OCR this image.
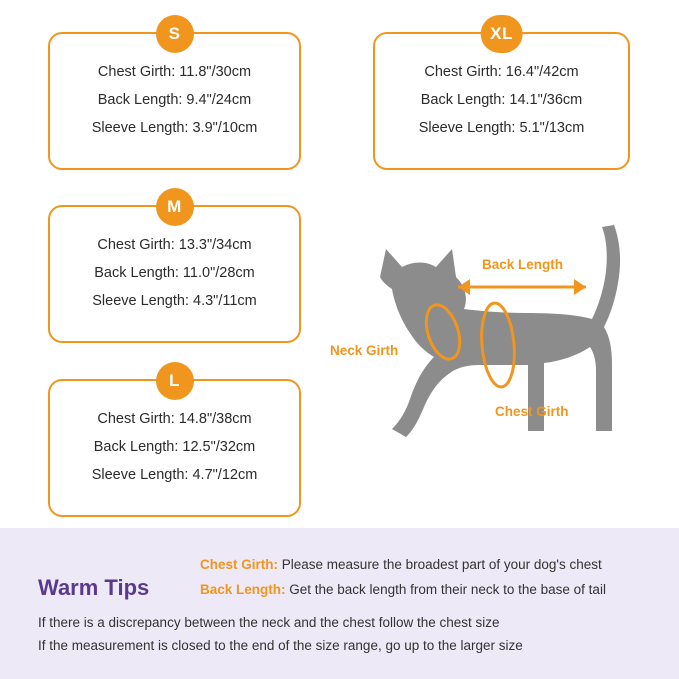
S
Chest Girth: 11.8"/30cm
Back Length: 9.4"/24cm
Sleeve Length: 3.9"/10cm
XL
Chest Girth: 16.4"/42cm
Back Length: 14.1"/36cm
Sleeve Length: 5.1"/13cm
M
Chest Girth: 13.3"/34cm
Back Length: 11.0"/28cm
Sleeve Length: 4.3"/11cm
L
Chest Girth: 14.8"/38cm
Back Length: 12.5"/32cm
Sleeve Length: 4.7"/12cm
Back Length
Neck Girth
Chest Girth
Warm Tips
Chest Girth: Please measure the broadest part of your dog's chest
Back Length: Get the back length from their neck to the base of tail
If there is a discrepancy between the neck and the chest follow the chest size
If the measurement is closed to the end of the size range, go up to the larger size
